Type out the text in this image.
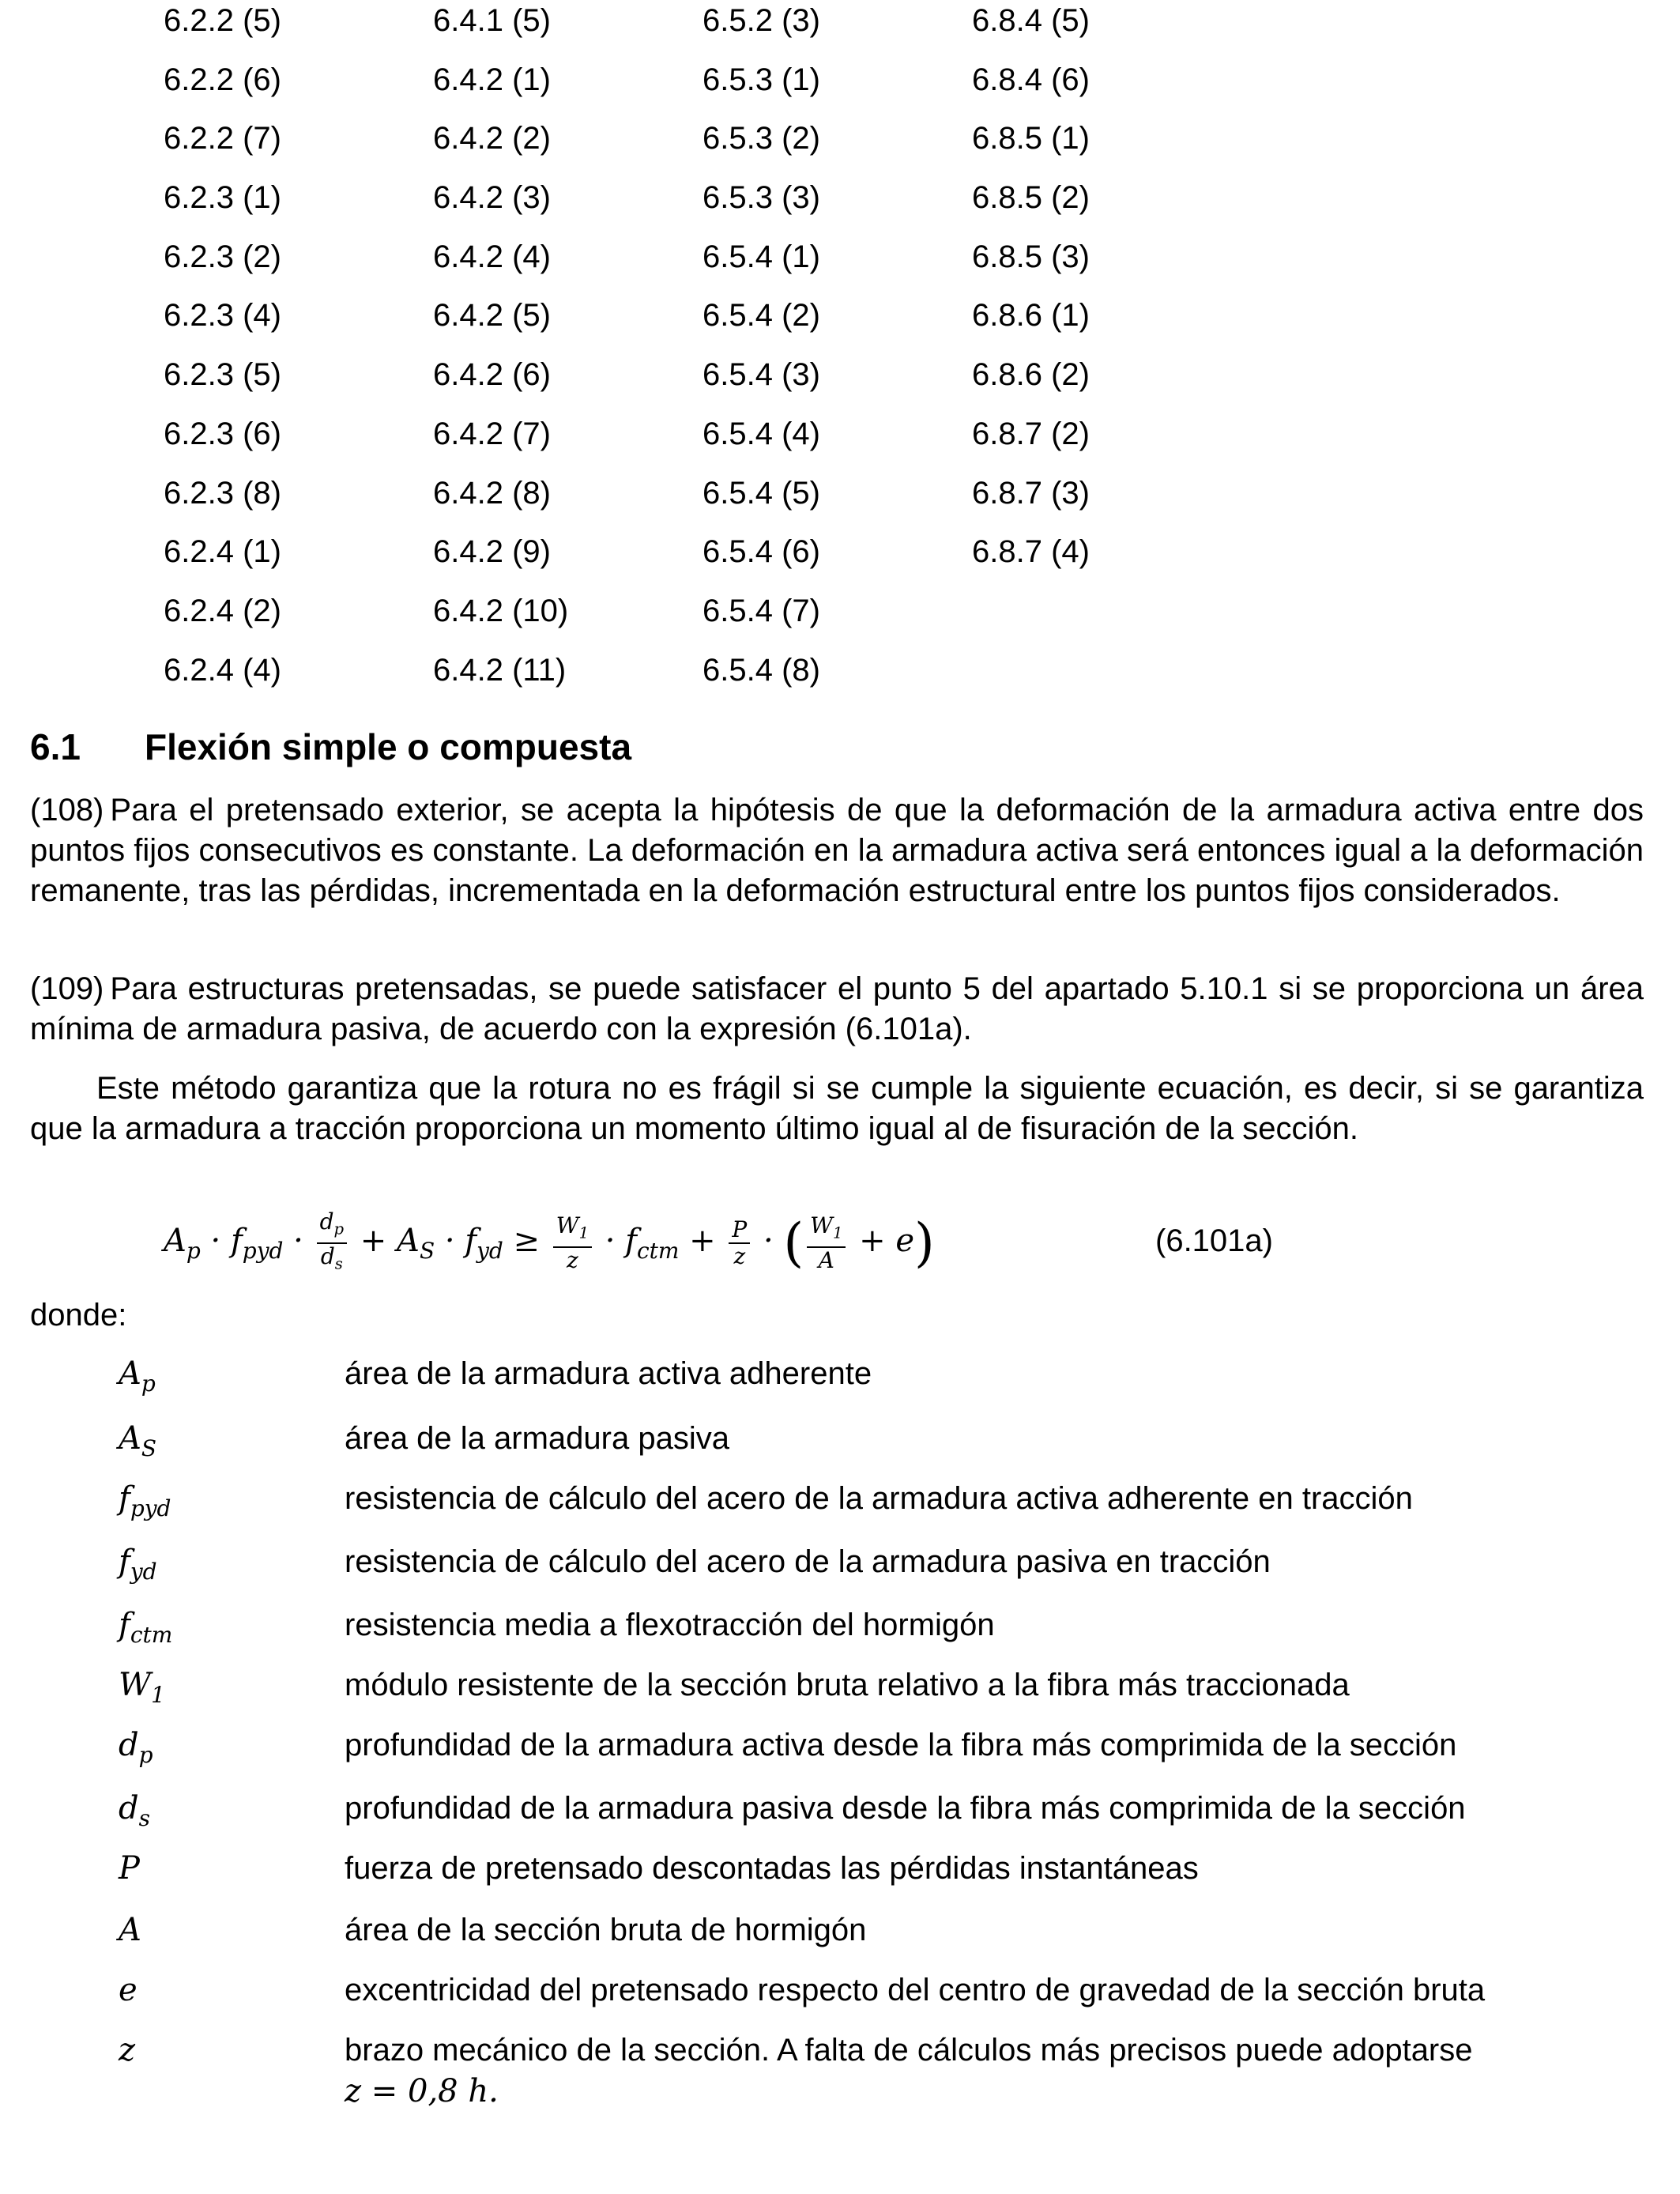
6.2.2 (5)	6.4.1 (5)	6.5.2 (3)	6.8.4 (5)
6.2.2 (6)	6.4.2 (1)	6.5.3 (1)	6.8.4 (6)
6.2.2 (7)	6.4.2 (2)	6.5.3 (2)	6.8.5 (1)
6.2.3 (1)	6.4.2 (3)	6.5.3 (3)	6.8.5 (2)
6.2.3 (2)	6.4.2 (4)	6.5.4 (1)	6.8.5 (3)
6.2.3 (4)	6.4.2 (5)	6.5.4 (2)	6.8.6 (1)
6.2.3 (5)	6.4.2 (6)	6.5.4 (3)	6.8.6 (2)
6.2.3 (6)	6.4.2 (7)	6.5.4 (4)	6.8.7 (2)
6.2.3 (8)	6.4.2 (8)	6.5.4 (5)	6.8.7 (3)
6.2.4 (1)	6.4.2 (9)	6.5.4 (6)	6.8.7 (4)
6.2.4 (2)	6.4.2 (10)	6.5.4 (7)
6.2.4 (4)	6.4.2 (11)	6.5.4 (8)
6.1 Flexión simple o compuesta
(108) Para el pretensado exterior, se acepta la hipótesis de que la deformación de la armadura activa entre dos puntos fijos consecutivos es constante. La deformación en la armadura activa será entonces igual a la deformación remanente, tras las pérdidas, incrementada en la deformación estructural entre los puntos fijos considerados.
(109) Para estructuras pretensadas, se puede satisfacer el punto 5 del apartado 5.10.1 si se proporciona un área mínima de armadura pasiva, de acuerdo con la expresión (6.101a).
Este método garantiza que la rotura no es frágil si se cumple la siguiente ecuación, es decir, si se garantiza que la armadura a tracción proporciona un momento último igual al de fisuración de la sección.
$A_p \cdot f_{pyd} \cdot \frac{d_p}{d_s} + A_S \cdot f_{yd} \ge \frac{W_1}{z} \cdot f_{ctm} + \frac{P}{z}$ · ( $\frac{W_1}{A} + e$)	(6.101a)
donde:
$A_p$	área de la armadura activa adherente
$A_S$	área de la armadura pasiva
$f_{pyd}$	resistencia de cálculo del acero de la armadura activa adherente en tracción
$f_{yd}$	resistencia de cálculo del acero de la armadura pasiva en tracción
$f_{ctm}$	resistencia media a flexotracción del hormigón
$W_1$	módulo resistente de la sección bruta relativo a la fibra más traccionada
$d_p$	profundidad de la armadura activa desde la fibra más comprimida de la sección
$d_s$	profundidad de la armadura pasiva desde la fibra más comprimida de la sección
P	fuerza de pretensado descontadas las pérdidas instantáneas
A	área de la sección bruta de hormigón
e	excentricidad del pretensado respecto del centro de gravedad de la sección bruta
z	brazo mecánico de la sección. A falta de cálculos más precisos puede adoptarse
z = 0,8 h.
